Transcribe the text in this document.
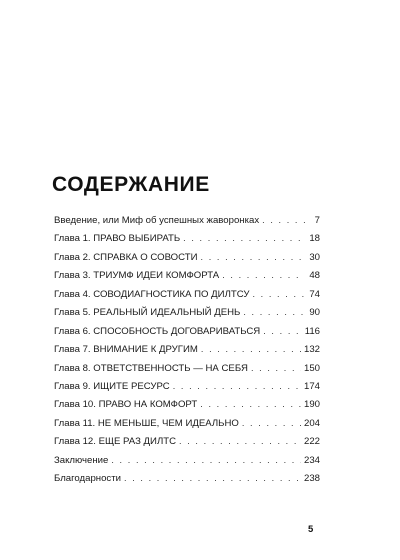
СОДЕРЖАНИЕ
Введение, или Миф об успешных жаворонках . . .	7
Глава 1. ПРАВО ВЫБИРАТЬ . . .	18
Глава 2. СПРАВКА О СОВОСТИ . . .	30
Глава 3. ТРИУМФ ИДЕИ КОМФОРТА . . .	48
Глава 4. СОВОДИАГНОСТИКА ПО ДИЛТСУ . . .	74
Глава 5. РЕАЛЬНЫЙ ИДЕАЛЬНЫЙ ДЕНЬ . . .	90
Глава 6. СПОСОБНОСТЬ ДОГОВАРИВАТЬСЯ . . .	116
Глава 7. ВНИМАНИЕ К ДРУГИМ . . .	132
Глава 8. ОТВЕТСТВЕННОСТЬ — НА СЕБЯ . . .	150
Глава 9. ИЩИТЕ РЕСУРС . . .	174
Глава 10. ПРАВО НА КОМФОРТ . . .	190
Глава 11. НЕ МЕНЬШЕ, ЧЕМ ИДЕАЛЬНО . . .	204
Глава 12. ЕЩЕ РАЗ ДИЛТС . . .	222
Заключение . . .	234
Благодарности . . .	238
5
